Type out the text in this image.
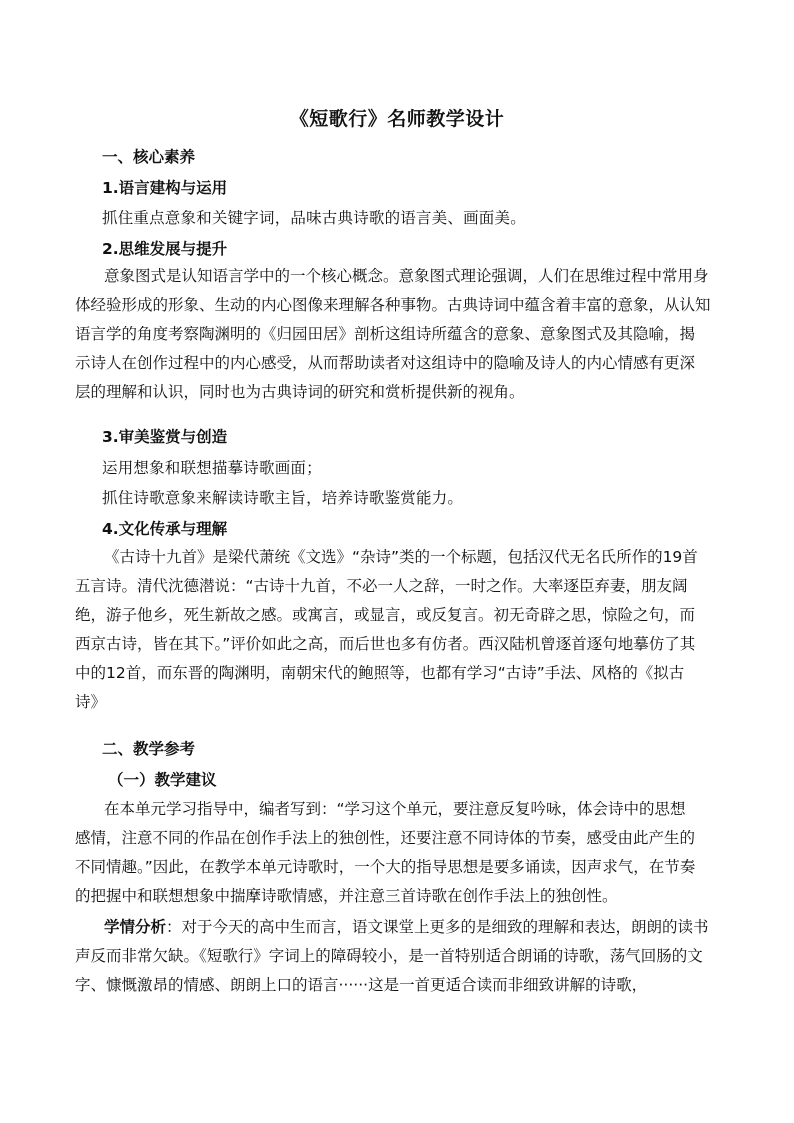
《短歌行》名师教学设计
一、核心素养
1.语言建构与运用
抓住重点意象和关键字词，品味古典诗歌的语言美、画面美。
2.思维发展与提升
意象图式是认知语言学中的一个核心概念。意象图式理论强调，人们在思维过程中常用身
体经验形成的形象、生动的内心图像来理解各种事物。古典诗词中蕴含着丰富的意象，从认知
语言学的角度考察陶渊明的《归园田居》剖析这组诗所蕴含的意象、意象图式及其隐喻，揭
示诗人在创作过程中的内心感受，从而帮助读者对这组诗中的隐喻及诗人的内心情感有更深
层的理解和认识，同时也为古典诗词的研究和赏析提供新的视角。
3.审美鉴赏与创造
运用想象和联想描摹诗歌画面；
抓住诗歌意象来解读诗歌主旨，培养诗歌鉴赏能力。
4.文化传承与理解
《古诗十九首》是梁代萧统《文选》“杂诗”类的一个标题，包括汉代无名氏所作的19首
五言诗。清代沈德潜说：“古诗十九首，不必一人之辞，一时之作。大率逐臣弃妻，朋友阔
绝，游子他乡，死生新故之感。或寓言，或显言，或反复言。初无奇辟之思，惊险之句，而
西京古诗，皆在其下。”评价如此之高，而后世也多有仿者。西汉陆机曾逐首逐句地摹仿了其
中的12首，而东晋的陶渊明，南朝宋代的鲍照等，也都有学习“古诗”手法、风格的《拟古
诗》
二、教学参考
（一）教学建议
在本单元学习指导中，编者写到：“学习这个单元，要注意反复吟咏，体会诗中的思想
感情，注意不同的作品在创作手法上的独创性，还要注意不同诗体的节奏，感受由此产生的
不同情趣。”因此，在教学本单元诗歌时，一个大的指导思想是要多诵读，因声求气，在节奏
的把握中和联想想象中揣摩诗歌情感，并注意三首诗歌在创作手法上的独创性。
学情分析：对于今天的高中生而言，语文课堂上更多的是细致的理解和表达，朗朗的读书
声反而非常欠缺。《短歌行》字词上的障碍较小，是一首特别适合朗诵的诗歌，荡气回肠的文
字、慷慨激昂的情感、朗朗上口的语言······这是一首更适合读而非细致讲解的诗歌，
